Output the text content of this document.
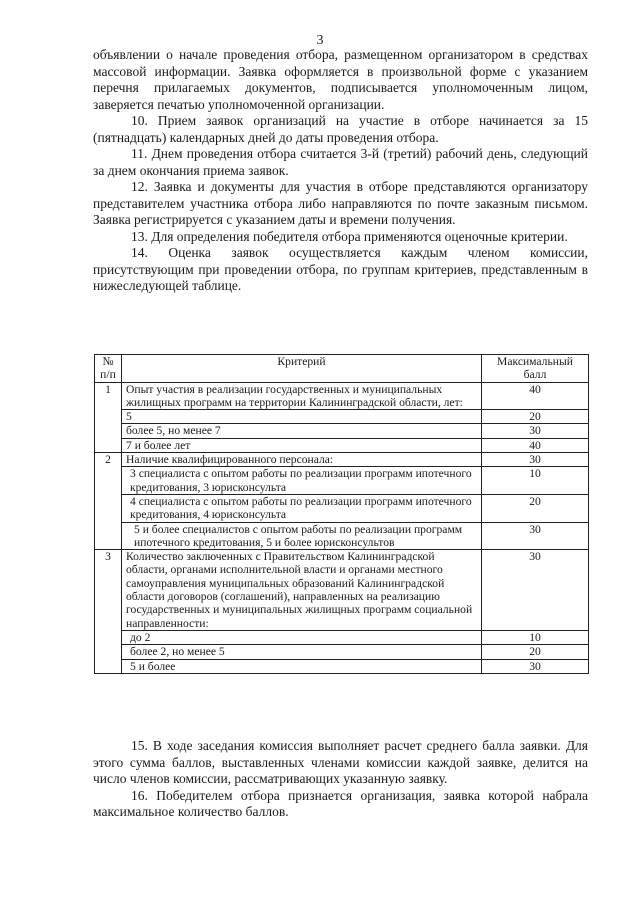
3

объявлении о начале проведения отбора, размещенном организатором в средствах массовой информации. Заявка оформляется в произвольной форме с указанием перечня прилагаемых документов, подписывается уполномоченным лицом, заверяется печатью уполномоченной организации.

10. Прием заявок организаций на участие в отборе начинается за 15 (пятнадцать) календарных дней до даты проведения отбора.

11. Днем проведения отбора считается 3-й (третий) рабочий день, следующий за днем окончания приема заявок.

12. Заявка и документы для участия в отборе представляются организатору представителем участника отбора либо направляются по почте заказным письмом. Заявка регистрируется с указанием даты и времени получения.

13. Для определения победителя отбора применяются оценочные критерии.

14. Оценка заявок осуществляется каждым членом комиссии, присутствующим при проведении отбора, по группам критериев, представленным в нижеследующей таблице.

№ п/п	Критерий	Максимальный балл
1	Опыт участия в реализации государственных и муниципальных жилищных программ на территории Калининградской области, лет:	40
	5	20
	более 5, но менее 7	30
	7 и более лет	40
2	Наличие квалифицированного персонала:	30
	3 специалиста с опытом работы по реализации программ ипотечного кредитования, 3 юрисконсульта	10
	4 специалиста с опытом работы по реализации программ ипотечного кредитования, 4 юрисконсульта	20
	5 и более специалистов с опытом работы по реализации программ ипотечного кредитования, 5 и более юрисконсультов	30
3	Количество заключенных с Правительством Калининградской области, органами исполнительной власти и органами местного самоуправления муниципальных образований Калининградской области договоров (соглашений), направленных на реализацию государственных и муниципальных жилищных программ социальной направленности:	30
	до 2	10
	более 2, но менее 5	20
	5 и более	30

15. В ходе заседания комиссия выполняет расчет среднего балла заявки. Для этого сумма баллов, выставленных членами комиссии каждой заявке, делится на число членов комиссии, рассматривающих указанную заявку.

16. Победителем отбора признается организация, заявка которой набрала максимальное количество баллов.
